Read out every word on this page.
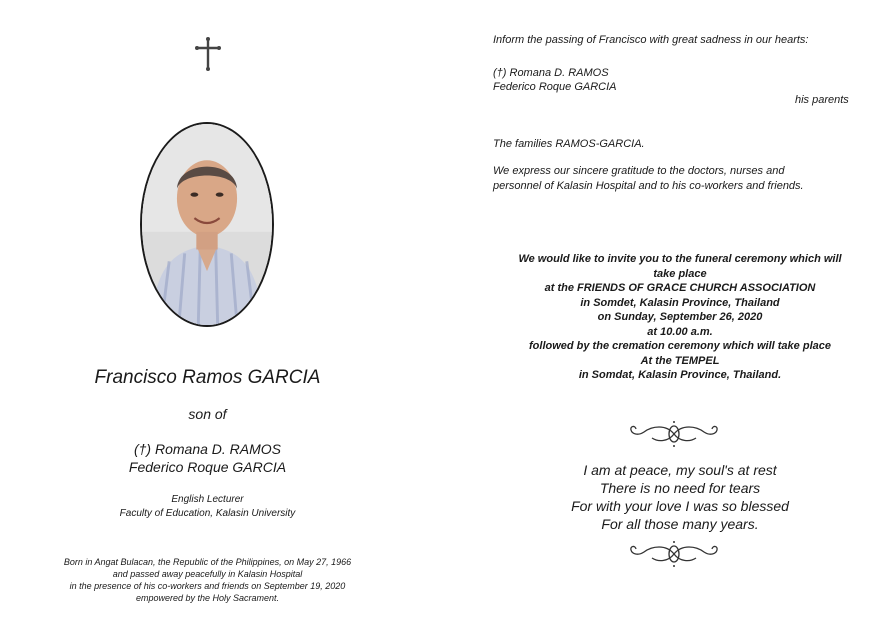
Francisco Ramos GARCIA
son of
(†) Romana D. RAMOS
Federico Roque GARCIA
English Lecturer
Faculty of Education, Kalasin University
Born in Angat Bulacan, the Republic of the Philippines, on May 27, 1966
and passed away peacefully in Kalasin Hospital
in the presence of his co-workers and friends on September 19, 2020
empowered by the Holy Sacrament.
Inform the passing of Francisco with great sadness in our hearts:
(†) Romana D. RAMOS
Federico Roque GARCIA
his parents
The families RAMOS-GARCIA.
We express our sincere gratitude to the doctors, nurses and
personnel of Kalasin Hospital and to his co-workers and friends.
We would like to invite you to the funeral ceremony which will
take place
at the FRIENDS OF GRACE CHURCH ASSOCIATION
in Somdet, Kalasin Province, Thailand
on Sunday, September 26, 2020
at 10.00 a.m.
followed by the cremation ceremony which will take place
At the TEMPEL
in Somdat, Kalasin Province, Thailand.
I am at peace, my soul's at rest
There is no need for tears
For with your love I was so blessed
For all those many years.
